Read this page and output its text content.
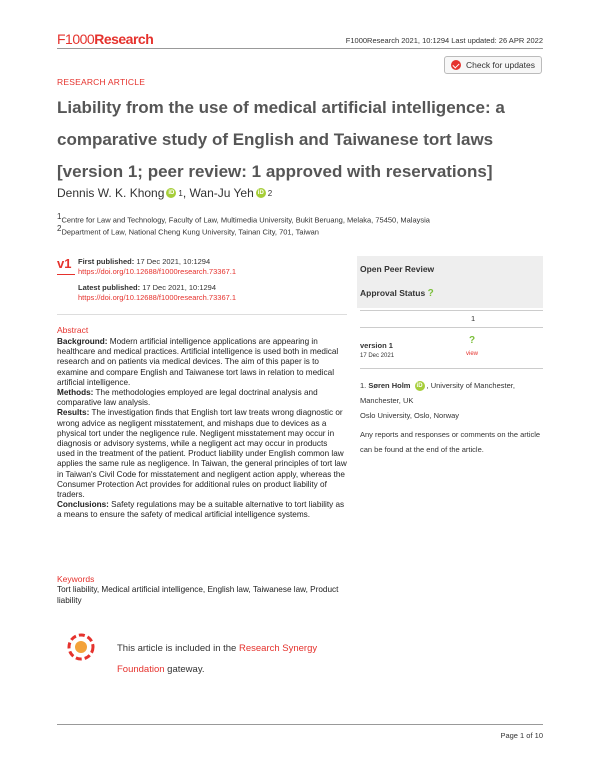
F1000Research	F1000Research 2021, 10:1294 Last updated: 26 APR 2022
RESEARCH ARTICLE
Check for updates
Liability from the use of medical artificial intelligence: a comparative study of English and Taiwanese tort laws [version 1; peer review: 1 approved with reservations]
Dennis W. K. Khong iD 1 , Wan-Ju Yeh iD 2
1Centre for Law and Technology, Faculty of Law, Multimedia University, Bukit Beruang, Melaka, 75450, Malaysia
2Department of Law, National Cheng Kung University, Tainan City, 701, Taiwan
v1 First published: 17 Dec 2021, 10:1294
https://doi.org/10.12688/f1000research.73367.1
Latest published: 17 Dec 2021, 10:1294
https://doi.org/10.12688/f1000research.73367.1
Abstract

Background: Modern artificial intelligence applications are appearing in healthcare and medical practices. Artificial intelligence is used both in medical research and on patients via medical devices. The aim of this paper is to examine and compare English and Taiwanese tort laws in relation to medical artificial intelligence.

Methods: The methodologies employed are legal doctrinal analysis and comparative law analysis.

Results: The investigation finds that English tort law treats wrong diagnostic or wrong advice as negligent misstatement, and mishaps due to devices as a physical tort under the negligence rule. Negligent misstatement may occur in diagnosis or advisory systems, while a negligent act may occur in products used in the treatment of the patient. Product liability under English common law applies the same rule as negligence. In Taiwan, the general principles of tort law in Taiwan's Civil Code for misstatement and negligent action apply, whereas the Consumer Protection Act provides for additional rules on product liability of traders.

Conclusions: Safety regulations may be a suitable alternative to tort liability as a means to ensure the safety of medical artificial intelligence systems.

Keywords
Tort liability, Medical artificial intelligence, English law, Taiwanese law, Product liability
Open Peer Review
Approval Status ?
1
version 1
17 Dec 2021
?
view
1. Søren Holm iD , University of Manchester, Manchester, UK
Oslo University, Oslo, Norway
Any reports and responses or comments on the article can be found at the end of the article.
This article is included in the Research Synergy Foundation gateway.
Page 1 of 10
